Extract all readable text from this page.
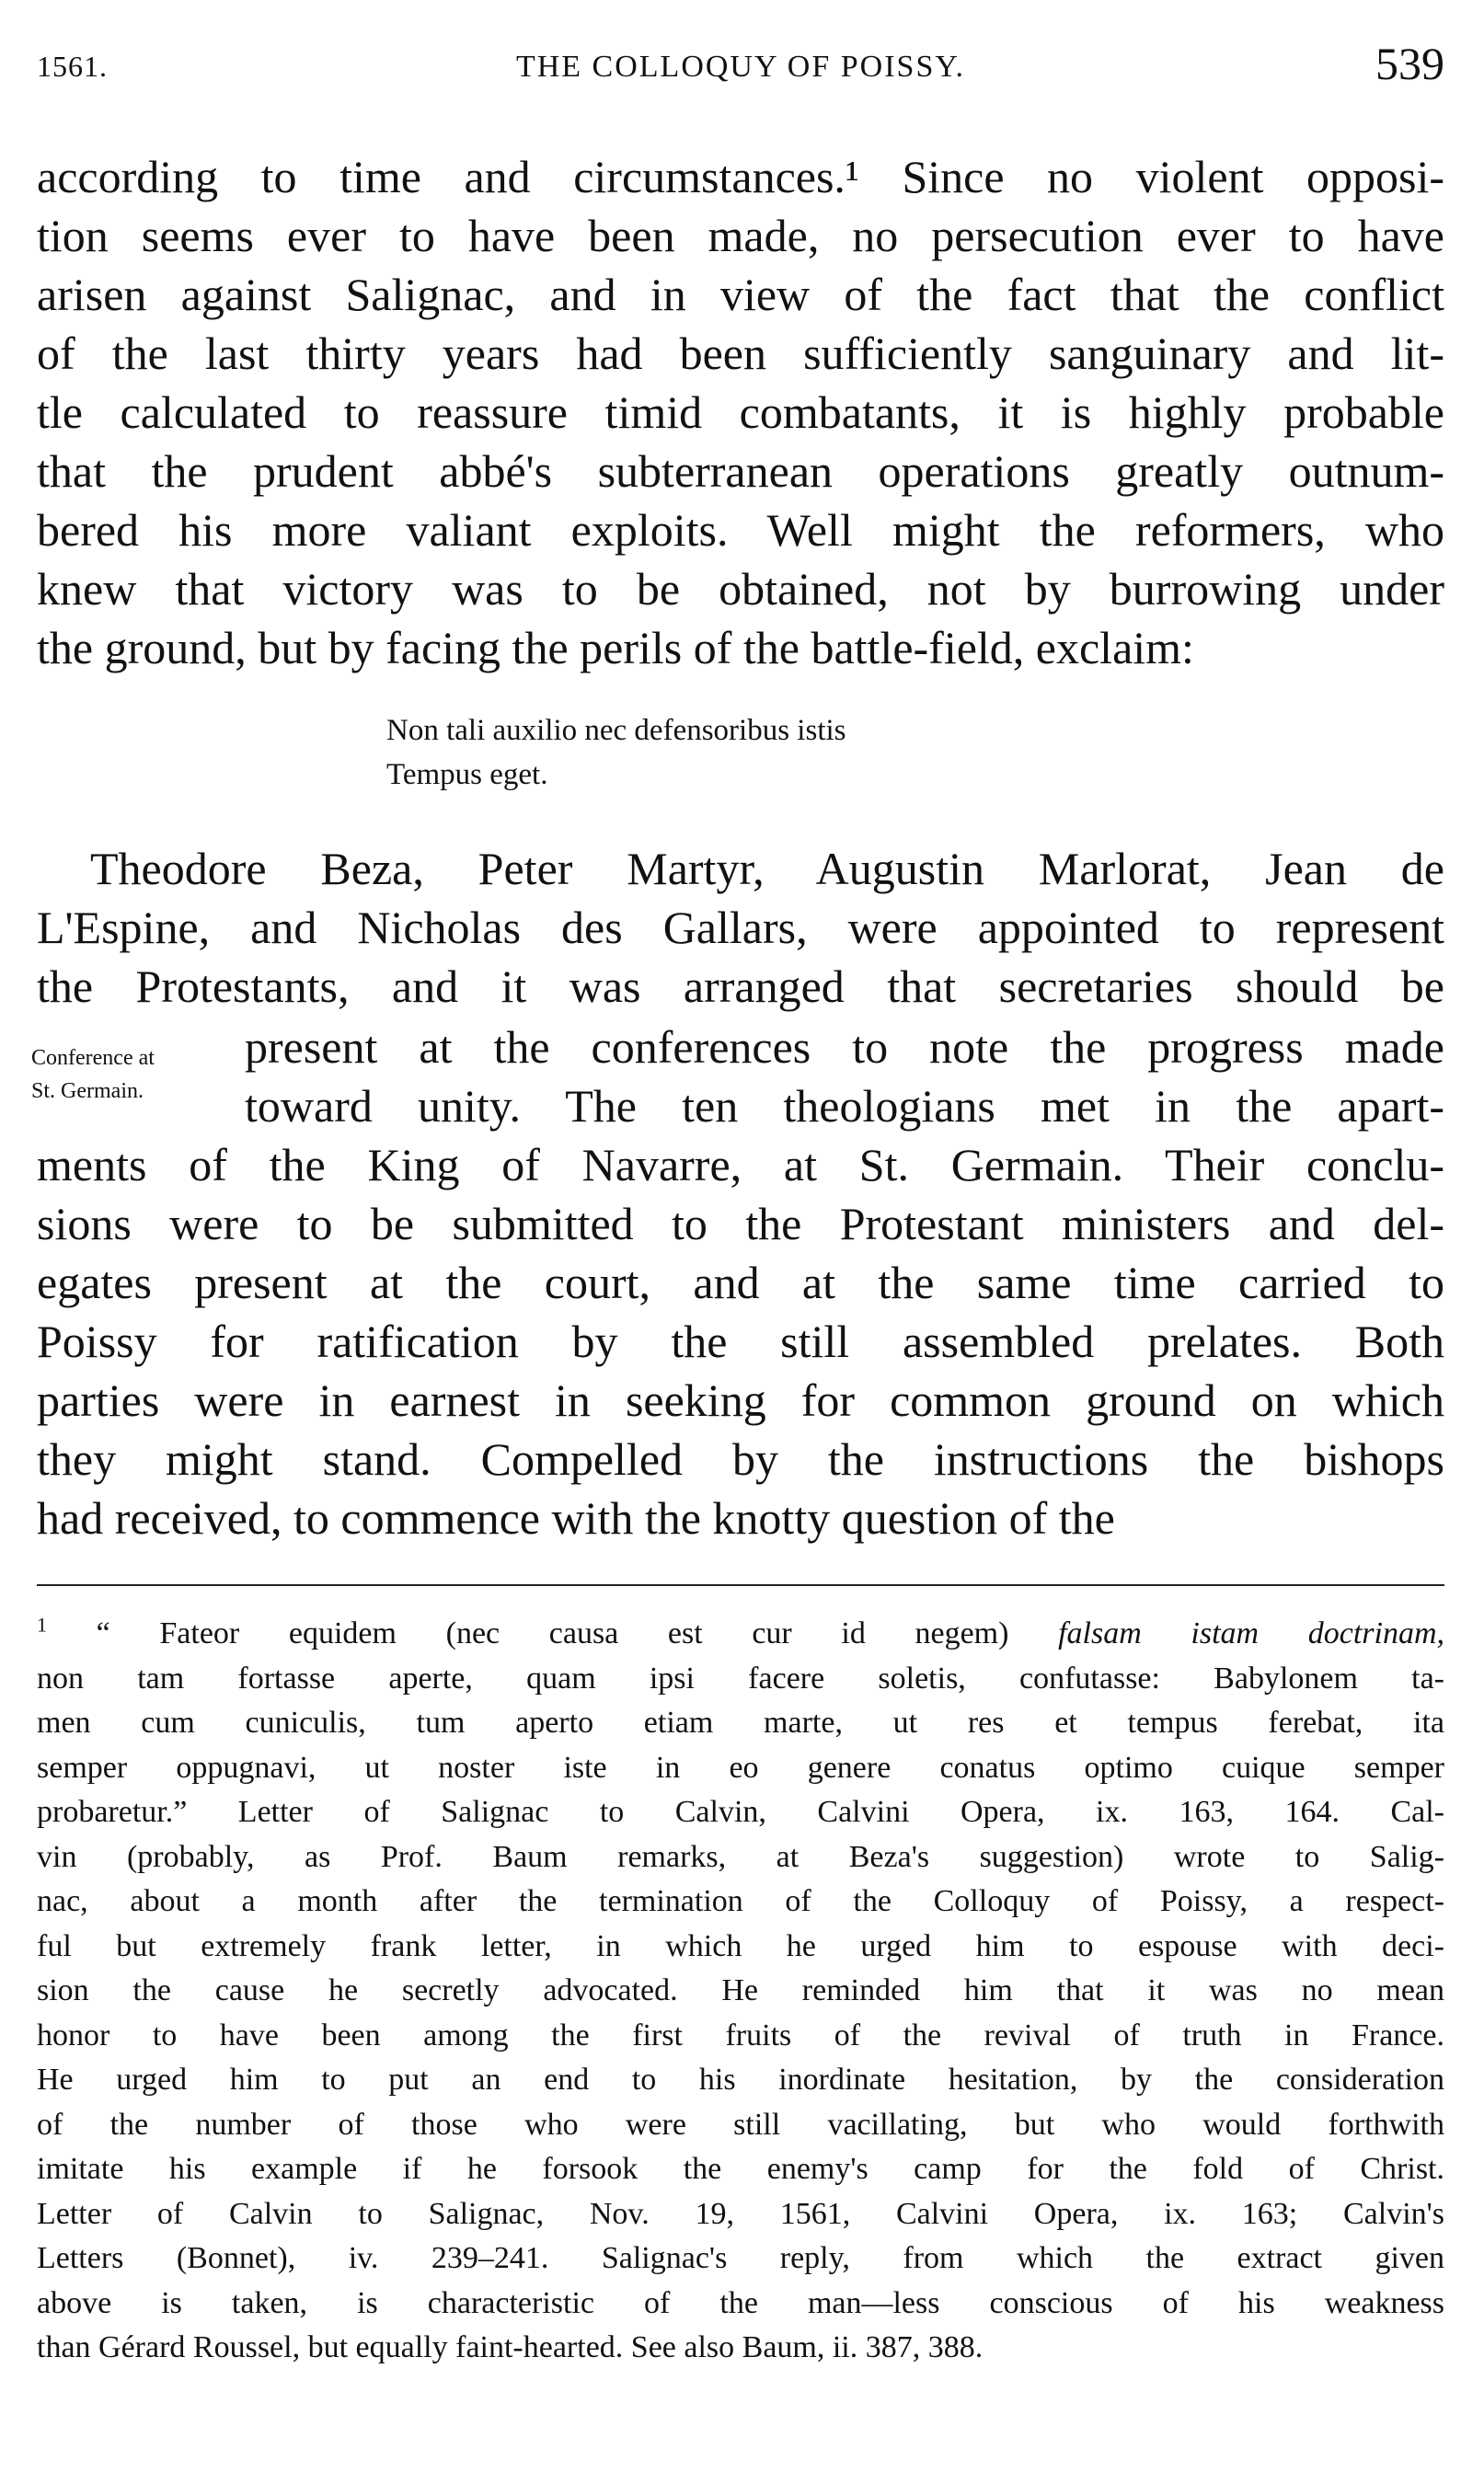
1561.	THE COLLOQUY OF POISSY.	539
according to time and circumstances.¹ Since no violent opposi-
tion seems ever to have been made, no persecution ever to have
arisen against Salignac, and in view of the fact that the conflict
of the last thirty years had been sufficiently sanguinary and lit-
tle calculated to reassure timid combatants, it is highly probable
that the prudent abbé's subterranean operations greatly outnum-
bered his more valiant exploits. Well might the reformers, who
knew that victory was to be obtained, not by burrowing under
the ground, but by facing the perils of the battle-field, exclaim:
Non tali auxilio nec defensoribus istis
Tempus eget.
Theodore Beza, Peter Martyr, Augustin Marlorat, Jean de
L'Espine, and Nicholas des Gallars, were appointed to represent
the Protestants, and it was arranged that secretaries should be
Conference at
St. Germain.
present at the conferences to note the progress made
toward unity. The ten theologians met in the apart-
ments of the King of Navarre, at St. Germain. Their conclu-
sions were to be submitted to the Protestant ministers and del-
egates present at the court, and at the same time carried to
Poissy for ratification by the still assembled prelates. Both
parties were in earnest in seeking for common ground on which
they might stand. Compelled by the instructions the bishops
had received, to commence with the knotty question of the
$^1$ “ Fateor equidem (nec causa est cur id negem) falsam istam doctrinam,
non tam fortasse aperte, quam ipsi facere soletis, confutasse: Babylonem ta-
men cum cuniculis, tum aperto etiam marte, ut res et tempus ferebat, ita
semper oppugnavi, ut noster iste in eo genere conatus optimo cuique semper
probaretur.” Letter of Salignac to Calvin, Calvini Opera, ix. 163, 164. Cal-
vin (probably, as Prof. Baum remarks, at Beza's suggestion) wrote to Salig-
nac, about a month after the termination of the Colloquy of Poissy, a respect-
ful but extremely frank letter, in which he urged him to espouse with deci-
sion the cause he secretly advocated. He reminded him that it was no mean
honor to have been among the first fruits of the revival of truth in France.
He urged him to put an end to his inordinate hesitation, by the consideration
of the number of those who were still vacillating, but who would forthwith
imitate his example if he forsook the enemy's camp for the fold of Christ.
Letter of Calvin to Salignac, Nov. 19, 1561, Calvini Opera, ix. 163; Calvin's
Letters (Bonnet), iv. 239–241. Salignac's reply, from which the extract given
above is taken, is characteristic of the man—less conscious of his weakness
than Gérard Roussel, but equally faint-hearted. See also Baum, ii. 387, 388.
